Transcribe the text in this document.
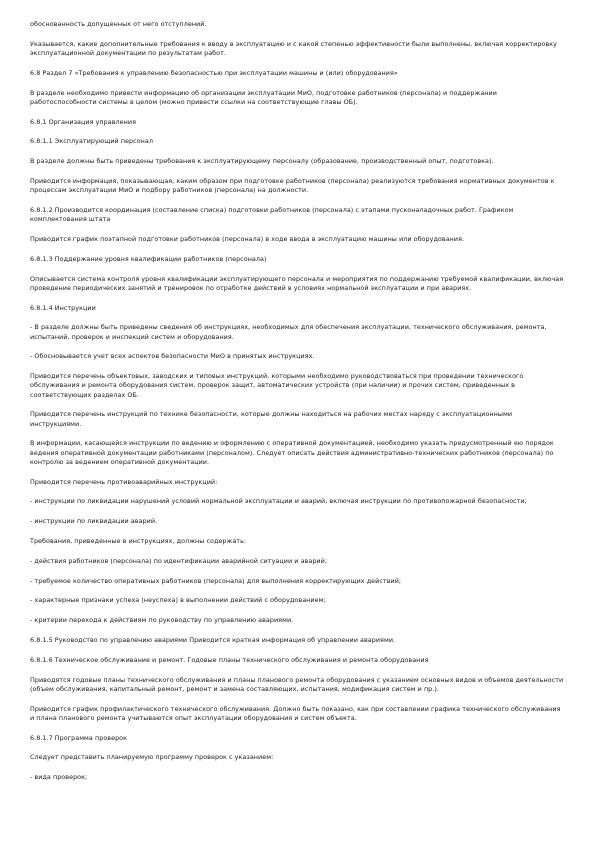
обоснованность допущенных от него отступлений.

Указывается, какие дополнительные требования к вводу в эксплуатацию и с какой степенью эффективности были выполнены, включая корректировку эксплуатационной документации по результатам работ.

6.8 Раздел 7 «Требования к управлению безопасностью при эксплуатации машины и (или) оборудования»

В разделе необходимо привести информацию об организации эксплуатации МиО, подготовке работников (персонала) и поддержании работоспособности системы в целом (можно привести ссылки на соответствующие главы ОБ).

6.8.1 Организация управления

6.8.1.1 Эксплуатирующий персонал

В разделе должны быть приведены требования к эксплуатирующему персоналу (образование, производственный опыт, подготовка).

Приводится информация, показывающая, каким образом при подготовке работников (персонала) реализуются требования нормативных документов к процессам эксплуатации МиО и подбору работников (персонала) на должности.

6.8.1.2 Производится координация (составление списка) подготовки работников (персонала) с этапами пусконаладочных работ. Графиком комплектования штата

Приводится график поэтапной подготовки работников (персонала) в ходе ввода в эксплуатацию машины или оборудования.

6.8.1.3 Поддержание уровня квалификации работников (персонала)

Описывается система контроля уровня квалификации эксплуатирующего персонала и мероприятия по поддержанию требуемой квалификации, включая проведение периодических занятий и тренировок по отработке действий в условиях нормальной эксплуатации и при авариях.

6.8.1.4 Инструкции

- В разделе должны быть приведены сведения об инструкциях, необходимых для обеспечения эксплуатации, технического обслуживания, ремонта, испытаний, проверок и инспекций систем и оборудования.

- Обосновывается учет всех аспектов безопасности МиО в принятых инструкциях.

Приводится перечень объектовых, заводских и типовых инструкций, которыми необходимо руководствоваться при проведении технического обслуживания и ремонта оборудования систем, проверок защит, автоматических устройств (при наличии) и прочих систем, приведенных в соответствующих разделах ОБ.

Приводится перечень инструкций по технике безопасности, которые должны находиться на рабочих местах наряду с эксплуатационными инструкциями.

В информации, касающейся инструкции по ведению и оформлению с оперативной документацией, необходимо указать предусмотренный ею порядок ведения оперативной документации работниками (персоналом). Следует описать действия административно-технических работников (персонала) по контролю за ведением оперативной документации.

Приводится перечень противоаварийных инструкций:

- инструкции по ликвидации нарушений условий нормальной эксплуатации и аварий, включая инструкции по противопожарной безопасности;

- инструкции по ликвидации аварий.

Требования, приведенные в инструкциях, должны содержать:

- действия работников (персонала) по идентификации аварийной ситуации и аварий;

- требуемое количество оперативных работников (персонала) для выполнения корректирующих действий;

- характерные признаки успеха (неуспеха) в выполнении действий с оборудованием;

- критерии перехода к действиям по руководству по управлению авариями.

6.8.1.5 Руководство по управлению авариями Приводится краткая информация об управлении авариями.

6.8.1.6 Техническое обслуживание и ремонт. Годовые планы технического обслуживания и ремонта оборудования

Приводятся годовые планы технического обслуживания и планы планового ремонта оборудования с указанием основных видов и объемов деятельности (объем обслуживания, капитальный ремонт, ремонт и замена составляющих, испытания, модификация систем и пр.).

Приводится график профилактического технического обслуживания. Должно быть показано, как при составлении графика технического обслуживания и плана планового ремонта учитываются опыт эксплуатации оборудования и систем объекта.

6.8.1.7 Программа проверок

Следует представить планируемую программу проверок с указанием:

- вида проверок;
